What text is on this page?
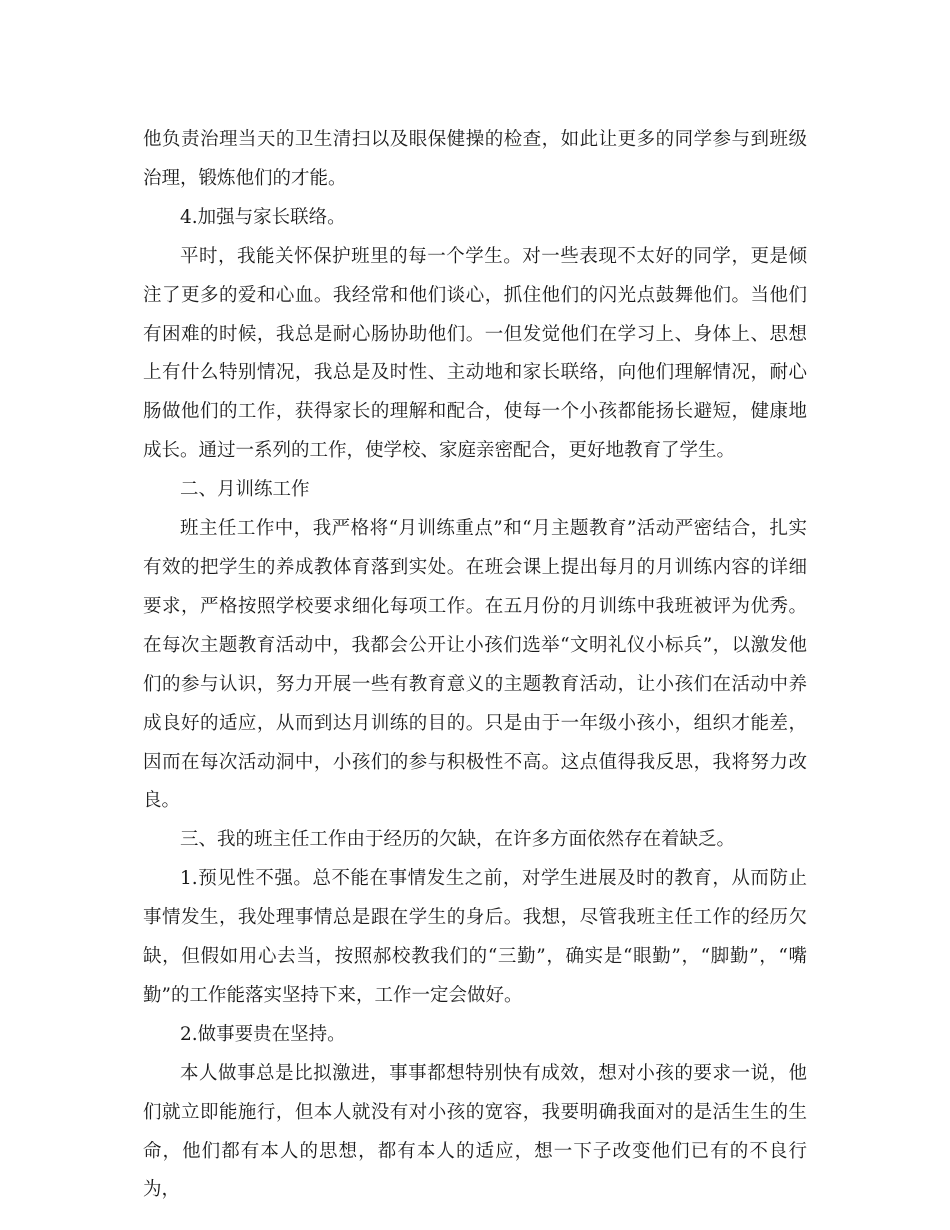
他负责治理当天的卫生清扫以及眼保健操的检查，如此让更多的同学参与到班级治理，锻炼他们的才能。

4.加强与家长联络。

平时，我能关怀保护班里的每一个学生。对一些表现不太好的同学，更是倾注了更多的爱和心血。我经常和他们谈心，抓住他们的闪光点鼓舞他们。当他们有困难的时候，我总是耐心肠协助他们。一但发觉他们在学习上、身体上、思想上有什么特别情况，我总是及时性、主动地和家长联络，向他们理解情况，耐心肠做他们的工作，获得家长的理解和配合，使每一个小孩都能扬长避短，健康地成长。通过一系列的工作，使学校、家庭亲密配合，更好地教育了学生。

二、月训练工作

班主任工作中，我严格将“月训练重点”和“月主题教育”活动严密结合，扎实有效的把学生的养成教体育落到实处。在班会课上提出每月的月训练内容的详细要求，严格按照学校要求细化每项工作。在五月份的月训练中我班被评为优秀。在每次主题教育活动中，我都会公开让小孩们选举“文明礼仪小标兵”，以激发他们的参与认识，努力开展一些有教育意义的主题教育活动，让小孩们在活动中养成良好的适应，从而到达月训练的目的。只是由于一年级小孩小，组织才能差，因而在每次活动洞中，小孩们的参与积极性不高。这点值得我反思，我将努力改良。

三、我的班主任工作由于经历的欠缺，在许多方面依然存在着缺乏。

1.预见性不强。总不能在事情发生之前，对学生进展及时的教育，从而防止事情发生，我处理事情总是跟在学生的身后。我想，尽管我班主任工作的经历欠缺，但假如用心去当，按照郝校教我们的“三勤”，确实是“眼勤”，“脚勤”，“嘴勤”的工作能落实坚持下来，工作一定会做好。

2.做事要贵在坚持。

本人做事总是比拟激进，事事都想特别快有成效，想对小孩的要求一说，他们就立即能施行，但本人就没有对小孩的宽容，我要明确我面对的是活生生的生命，他们都有本人的思想，都有本人的适应，想一下子改变他们已有的不良行为，
